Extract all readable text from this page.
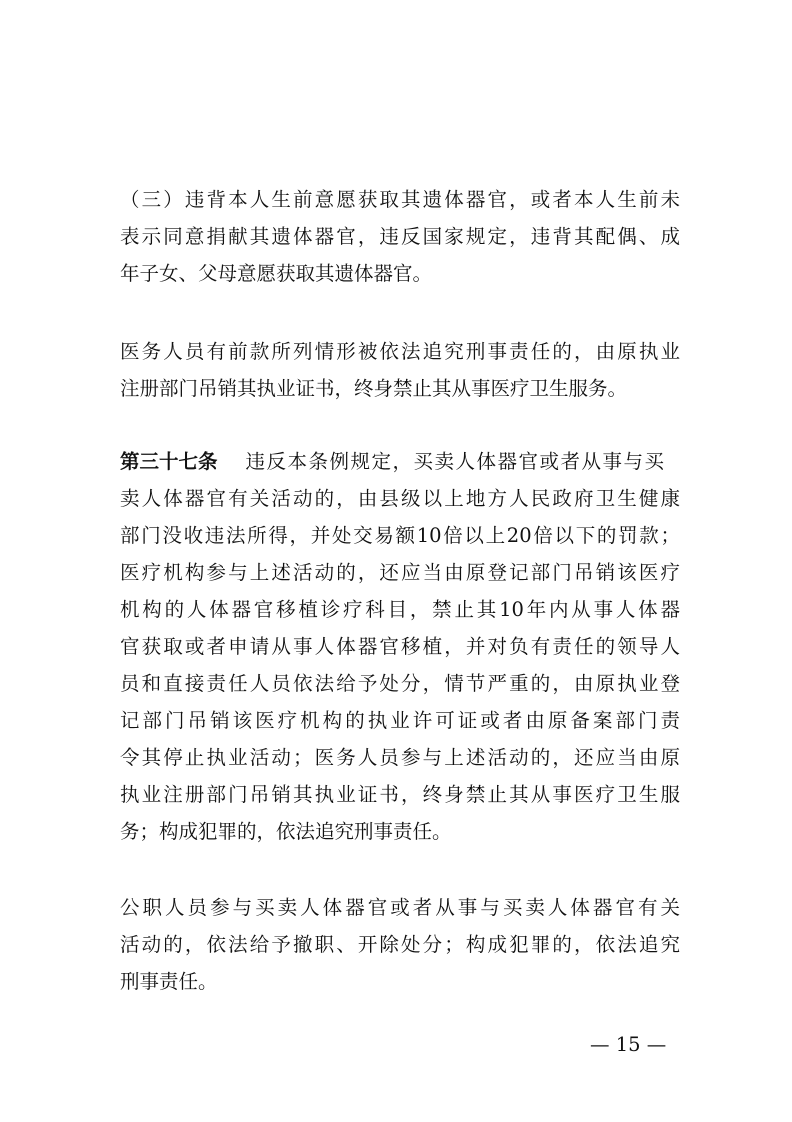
（三）违背本人生前意愿获取其遗体器官，或者本人生前未
表示同意捐献其遗体器官，违反国家规定，违背其配偶、成
年子女、父母意愿获取其遗体器官。
医务人员有前款所列情形被依法追究刑事责任的，由原执业
注册部门吊销其执业证书，终身禁止其从事医疗卫生服务。
第三十七条 违反本条例规定，买卖人体器官或者从事与买
卖人体器官有关活动的，由县级以上地方人民政府卫生健康
部门没收违法所得，并处交易额10倍以上20倍以下的罚款；
医疗机构参与上述活动的，还应当由原登记部门吊销该医疗
机构的人体器官移植诊疗科目，禁止其10年内从事人体器
官获取或者申请从事人体器官移植，并对负有责任的领导人
员和直接责任人员依法给予处分，情节严重的，由原执业登
记部门吊销该医疗机构的执业许可证或者由原备案部门责
令其停止执业活动；医务人员参与上述活动的，还应当由原
执业注册部门吊销其执业证书，终身禁止其从事医疗卫生服
务；构成犯罪的，依法追究刑事责任。
公职人员参与买卖人体器官或者从事与买卖人体器官有关
活动的，依法给予撤职、开除处分；构成犯罪的，依法追究
刑事责任。
— 15 —
